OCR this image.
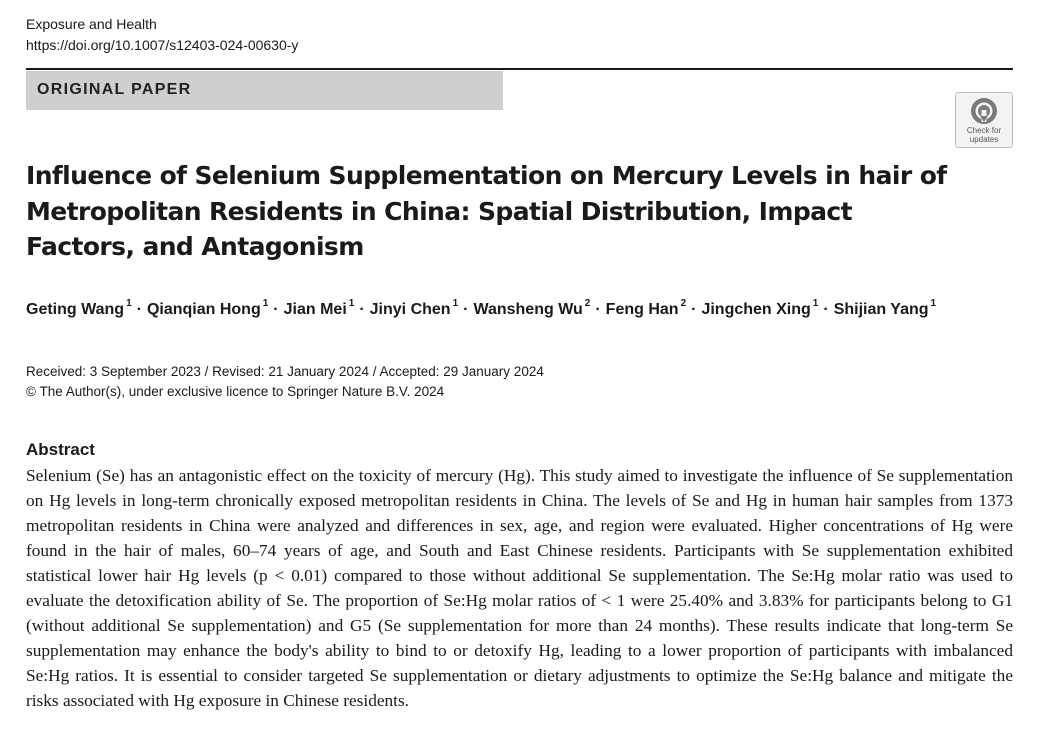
Exposure and Health
https://doi.org/10.1007/s12403-024-00630-y
ORIGINAL PAPER
Check for
updates
Influence of Selenium Supplementation on Mercury Levels in hair of Metropolitan Residents in China: Spatial Distribution, Impact Factors, and Antagonism
Geting Wang $^1$ · Qianqian Hong $^1$ · Jian Mei $^1$ · Jinyi Chen $^1$ · Wansheng Wu $^2$ · Feng Han $^2$ · Jingchen Xing $^1$ · Shijian Yang $^1$
Received: 3 September 2023 / Revised: 21 January 2024 / Accepted: 29 January 2024
© The Author(s), under exclusive licence to Springer Nature B.V. 2024
Abstract

Selenium (Se) has an antagonistic effect on the toxicity of mercury (Hg). This study aimed to investigate the influence of Se supplementation on Hg levels in long-term chronically exposed metropolitan residents in China. The levels of Se and Hg in human hair samples from 1373 metropolitan residents in China were analyzed and differences in sex, age, and region were evaluated. Higher concentrations of Hg were found in the hair of males, 60–74 years of age, and South and East Chinese residents. Participants with Se supplementation exhibited statistical lower hair Hg levels (p < 0.01) compared to those without additional Se supplementation. The Se:Hg molar ratio was used to evaluate the detoxification ability of Se. The proportion of Se:Hg molar ratios of < 1 were 25.40% and 3.83% for participants belong to G1 (without additional Se supplementation) and G5 (Se supplementation for more than 24 months). These results indicate that long-term Se supplementation may enhance the body's ability to bind to or detoxify Hg, leading to a lower proportion of participants with imbalanced Se:Hg ratios. It is essential to consider targeted Se supplementation or dietary adjustments to optimize the Se:Hg balance and mitigate the risks associated with Hg exposure in Chinese residents.
